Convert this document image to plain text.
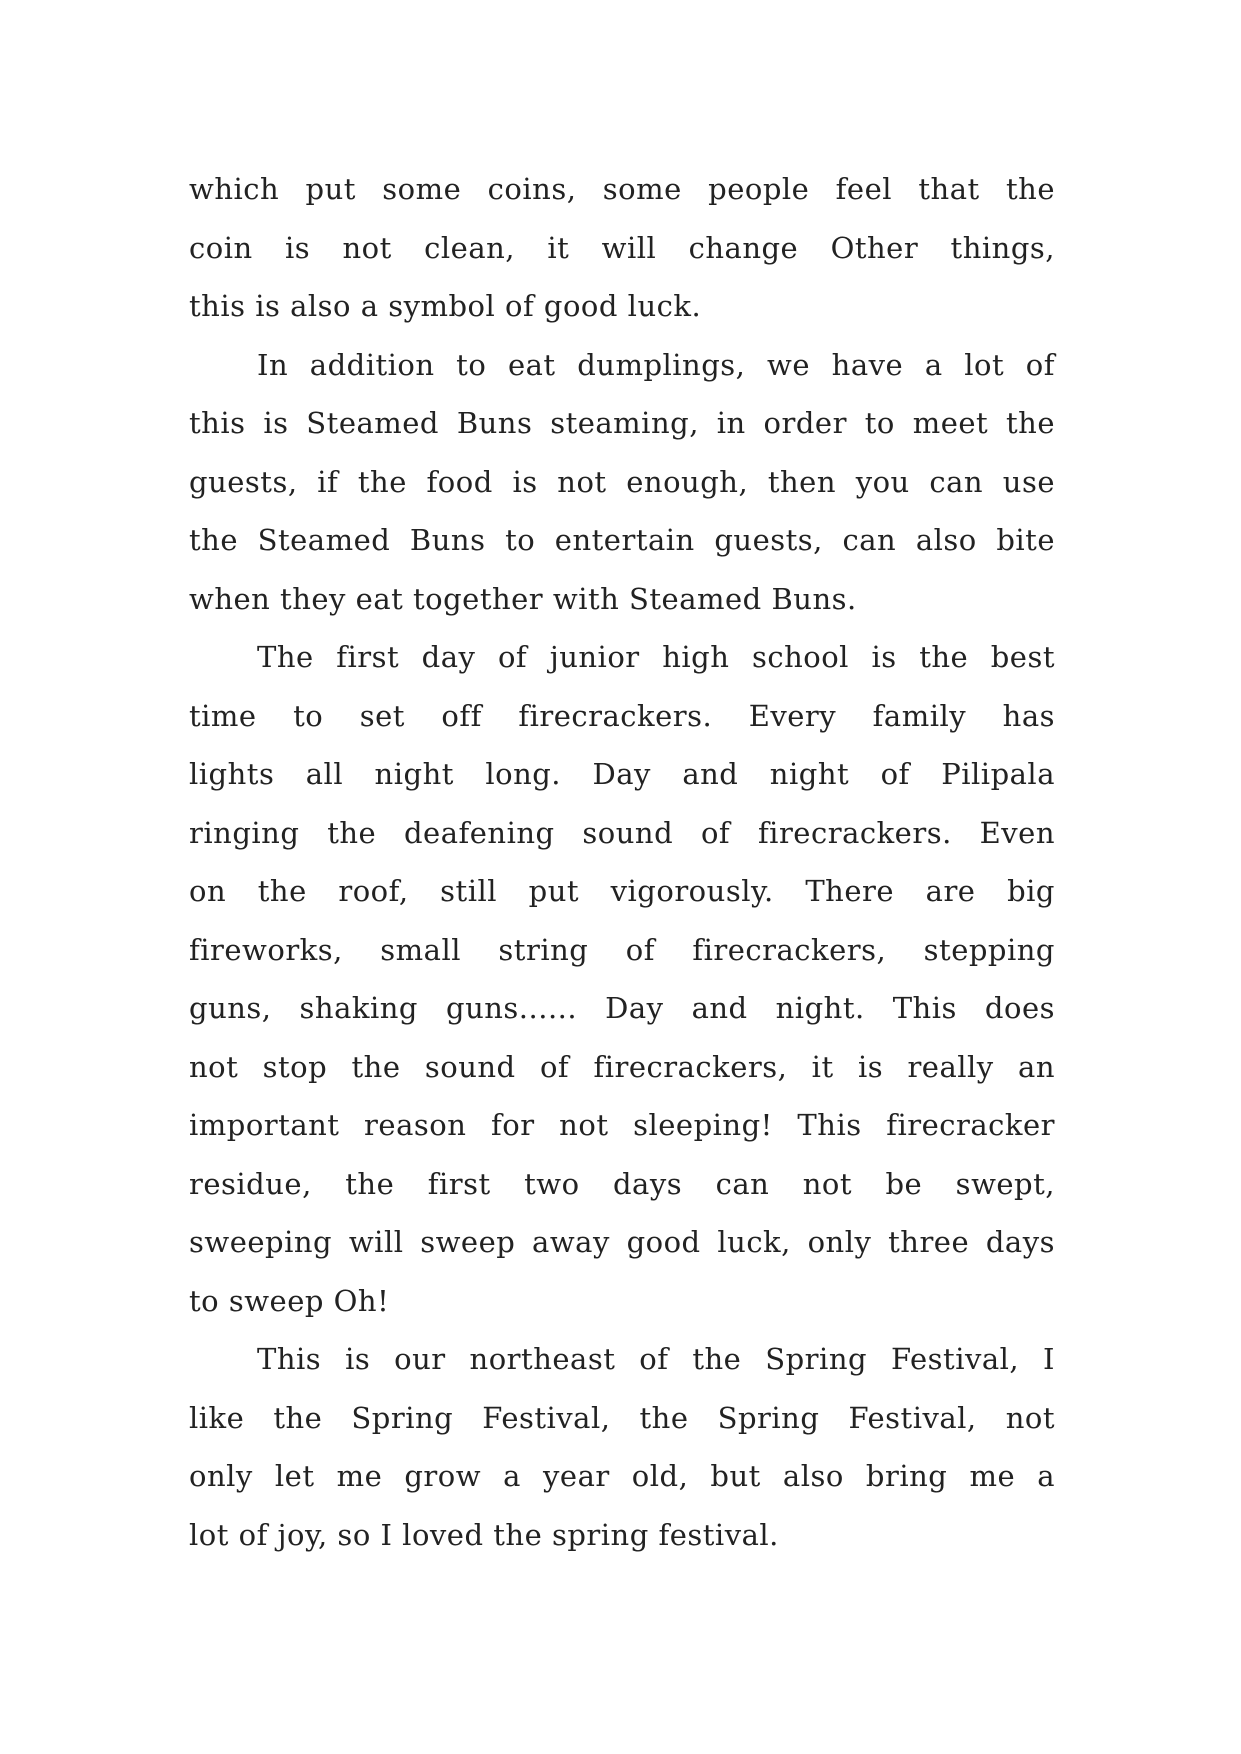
which put some coins, some people feel that the
coin is not clean, it will change Other things,
this is also a symbol of good luck.

In addition to eat dumplings, we have a lot of
this is Steamed Buns steaming, in order to meet the
guests, if the food is not enough, then you can use
the Steamed Buns to entertain guests, can also bite
when they eat together with Steamed Buns.

The first day of junior high school is the best
time to set off firecrackers. Every family has
lights all night long. Day and night of Pilipala
ringing the deafening sound of firecrackers. Even
on the roof, still put vigorously. There are big
fireworks, small string of firecrackers, stepping
guns, shaking guns...... Day and night. This does
not stop the sound of firecrackers, it is really an
important reason for not sleeping! This firecracker
residue, the first two days can not be swept,
sweeping will sweep away good luck, only three days
to sweep Oh!

This is our northeast of the Spring Festival, I
like the Spring Festival, the Spring Festival, not
only let me grow a year old, but also bring me a
lot of joy, so I loved the spring festival.
